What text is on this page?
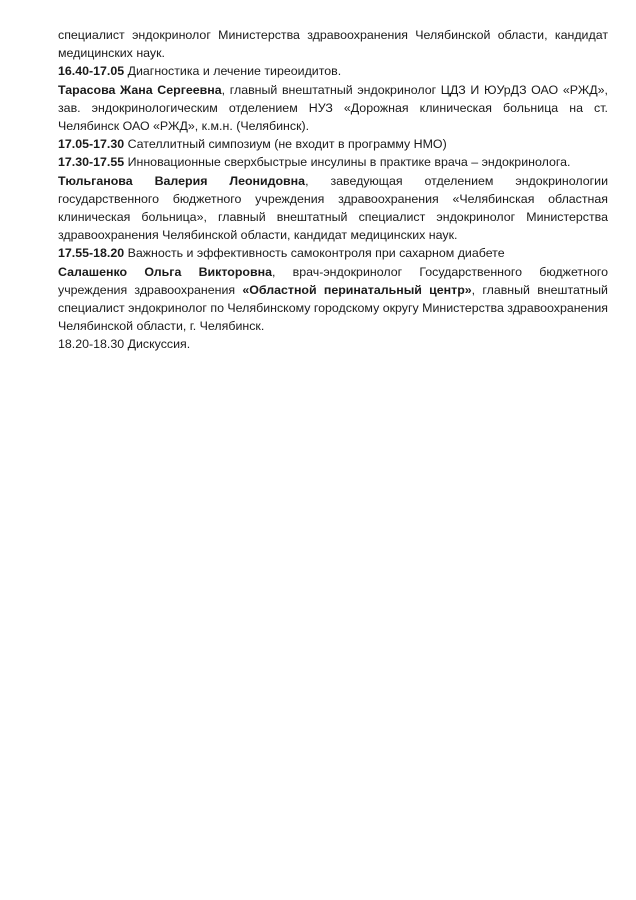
специалист эндокринолог Министерства здравоохранения Челябинской области, кандидат медицинских наук.

16.40-17.05 Диагностика и лечение тиреоидитов.

Тарасова Жана Сергеевна, главный внештатный эндокринолог ЦДЗ И ЮУрДЗ ОАО «РЖД», зав. эндокринологическим отделением НУЗ «Дорожная клиническая больница на ст. Челябинск ОАО «РЖД», к.м.н. (Челябинск).

17.05-17.30 Сателлитный симпозиум (не входит в программу НМО)

17.30-17.55 Инновационные сверхбыстрые инсулины в практике врача – эндокринолога.

Тюльганова Валерия Леонидовна, заведующая отделением эндокринологии государственного бюджетного учреждения здравоохранения «Челябинская областная клиническая больница», главный внештатный специалист эндокринолог Министерства здравоохранения Челябинской области, кандидат медицинских наук.

17.55-18.20 Важность и эффективность самоконтроля при сахарном диабете

Салашенко Ольга Викторовна, врач-эндокринолог Государственного бюджетного учреждения здравоохранения «Областной перинатальный центр», главный внештатный специалист эндокринолог по Челябинскому городскому округу Министерства здравоохранения Челябинской области, г. Челябинск.

18.20-18.30 Дискуссия.
